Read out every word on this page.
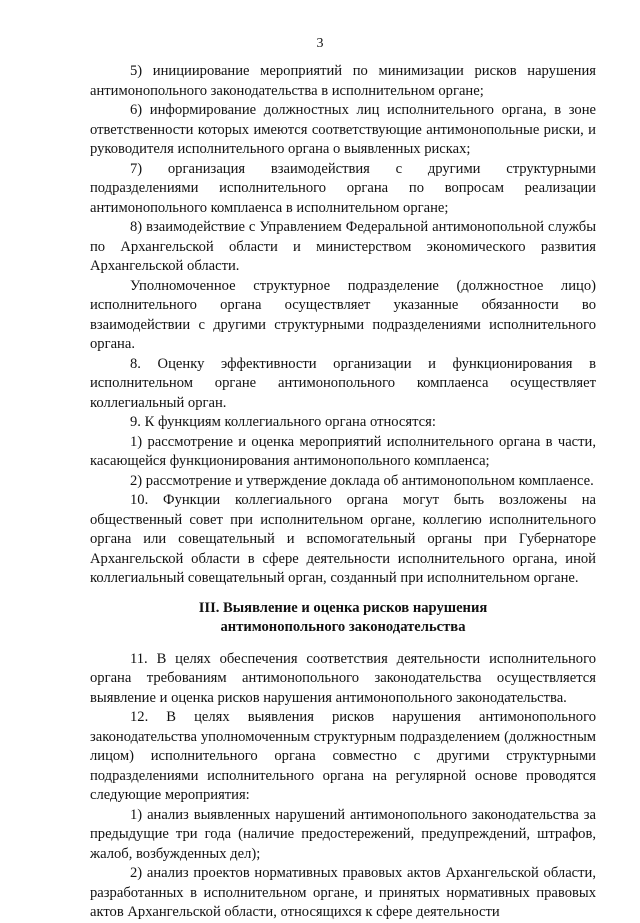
3

5) инициирование мероприятий по минимизации рисков нарушения антимонопольного законодательства в исполнительном органе;

6) информирование должностных лиц исполнительного органа, в зоне ответственности которых имеются соответствующие антимонопольные риски, и руководителя исполнительного органа о выявленных рисках;

7) организация взаимодействия с другими структурными подразделениями исполнительного органа по вопросам реализации антимонопольного комплаенса в исполнительном органе;

8) взаимодействие с Управлением Федеральной антимонопольной службы по Архангельской области и министерством экономического развития Архангельской области.

Уполномоченное структурное подразделение (должностное лицо) исполнительного органа осуществляет указанные обязанности во взаимодействии с другими структурными подразделениями исполнительного органа.

8. Оценку эффективности организации и функционирования в исполнительном органе антимонопольного комплаенса осуществляет коллегиальный орган.

9. К функциям коллегиального органа относятся:

1) рассмотрение и оценка мероприятий исполнительного органа в части, касающейся функционирования антимонопольного комплаенса;

2) рассмотрение и утверждение доклада об антимонопольном комплаенсе.

10. Функции коллегиального органа могут быть возложены на общественный совет при исполнительном органе, коллегию исполнительного органа или совещательный и вспомогательный органы при Губернаторе Архангельской области в сфере деятельности исполнительного органа, иной коллегиальный совещательный орган, созданный при исполнительном органе.

III. Выявление и оценка рисков нарушения
антимонопольного законодательства

11. В целях обеспечения соответствия деятельности исполнительного органа требованиям антимонопольного законодательства осуществляется выявление и оценка рисков нарушения антимонопольного законодательства.

12. В целях выявления рисков нарушения антимонопольного законодательства уполномоченным структурным подразделением (должностным лицом) исполнительного органа совместно с другими структурными подразделениями исполнительного органа на регулярной основе проводятся следующие мероприятия:

1) анализ выявленных нарушений антимонопольного законодательства за предыдущие три года (наличие предостережений, предупреждений, штрафов, жалоб, возбужденных дел);

2) анализ проектов нормативных правовых актов Архангельской области, разработанных в исполнительном органе, и принятых нормативных правовых актов Архангельской области, относящихся к сфере деятельности
